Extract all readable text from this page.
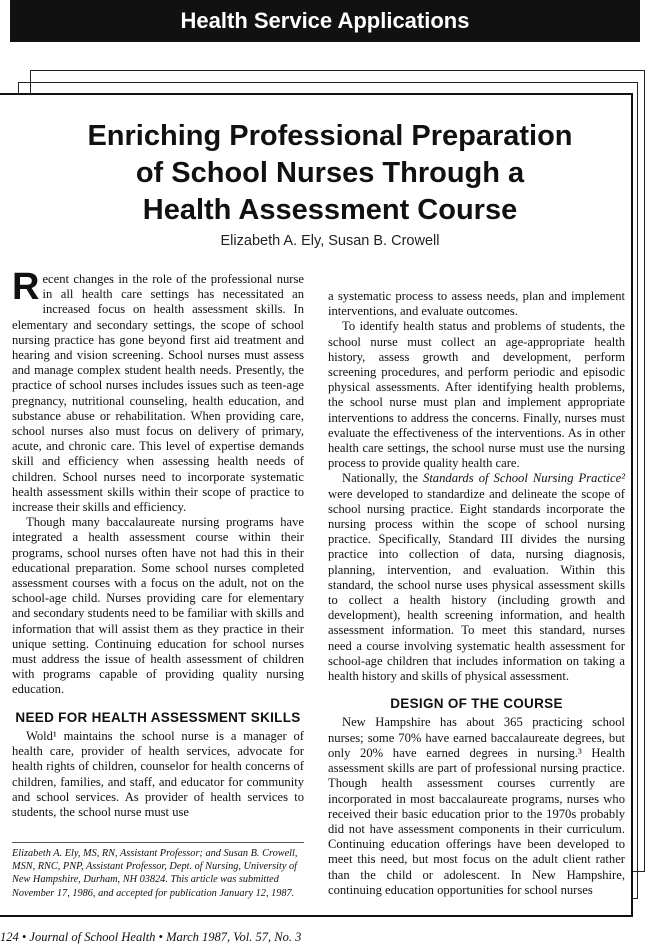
Health Service Applications
Enriching Professional Preparation
of School Nurses Through a
Health Assessment Course
Elizabeth A. Ely, Susan B. Crowell

Recent changes in the role of the professional nurse in all health care settings has necessitated an increased focus on health assessment skills. In elementary and secondary settings, the scope of school nursing practice has gone beyond first aid treatment and hearing and vision screening. School nurses must assess and manage complex student health needs. Presently, the practice of school nurses includes issues such as teen-age pregnancy, nutritional counseling, health education, and substance abuse or rehabilitation. When providing care, school nurses also must focus on delivery of primary, acute, and chronic care. This level of expertise demands skill and efficiency when assessing health needs of children. School nurses need to incorporate systematic health assessment skills within their scope of practice to increase their skills and efficiency.

Though many baccalaureate nursing programs have integrated a health assessment course within their programs, school nurses often have not had this in their educational preparation. Some school nurses completed assessment courses with a focus on the adult, not on the school-age child. Nurses providing care for elementary and secondary students need to be familiar with skills and information that will assist them as they practice in their unique setting. Continuing education for school nurses must address the issue of health assessment of children with programs capable of providing quality nursing education.

NEED FOR HEALTH ASSESSMENT SKILLS

Wold¹ maintains the school nurse is a manager of health care, provider of health services, advocate for health rights of children, counselor for health concerns of children, families, and staff, and educator for community and school services. As provider of health services to students, the school nurse must use

Elizabeth A. Ely, MS, RN, Assistant Professor; and Susan B. Crowell, MSN, RNC, PNP, Assistant Professor, Dept. of Nursing, University of New Hampshire, Durham, NH 03824. This article was submitted November 17, 1986, and accepted for publication January 12, 1987.

a systematic process to assess needs, plan and implement interventions, and evaluate outcomes.

To identify health status and problems of students, the school nurse must collect an age-appropriate health history, assess growth and development, perform screening procedures, and perform periodic and episodic physical assessments. After identifying health problems, the school nurse must plan and implement appropriate interventions to address the concerns. Finally, nurses must evaluate the effectiveness of the interventions. As in other health care settings, the school nurse must use the nursing process to provide quality health care.

Nationally, the Standards of School Nursing Practice² were developed to standardize and delineate the scope of school nursing practice. Eight standards incorporate the nursing process within the scope of school nursing practice. Specifically, Standard III divides the nursing practice into collection of data, nursing diagnosis, planning, intervention, and evaluation. Within this standard, the school nurse uses physical assessment skills to collect a health history (including growth and development), health screening information, and health assessment information. To meet this standard, nurses need a course involving systematic health assessment for school-age children that includes information on taking a health history and skills of physical assessment.

DESIGN OF THE COURSE

New Hampshire has about 365 practicing school nurses; some 70% have earned baccalaureate degrees, but only 20% have earned degrees in nursing.³ Health assessment skills are part of professional nursing practice. Though health assessment courses currently are incorporated in most baccalaureate programs, nurses who received their basic education prior to the 1970s probably did not have assessment components in their curriculum. Continuing education offerings have been developed to meet this need, but most focus on the adult client rather than the child or adolescent. In New Hampshire, continuing education opportunities for school nurses

124 • Journal of School Health • March 1987, Vol. 57, No. 3
